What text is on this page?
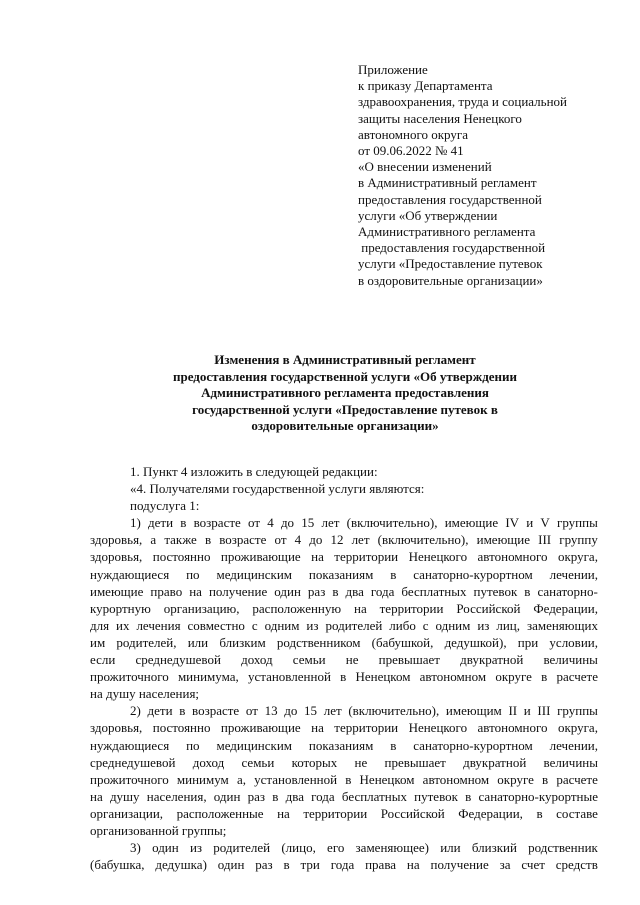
Приложение
к приказу Департамента
здравоохранения, труда и социальной
защиты населения Ненецкого
автономного округа
от 09.06.2022 № 41
«О внесении изменений
в Административный регламент
предоставления государственной
услуги «Об утверждении
Административного регламента
предоставления государственной
услуги «Предоставление путевок
в оздоровительные организации»
Изменения в Административный регламент
предоставления государственной услуги «Об утверждении
Административного регламента предоставления
государственной услуги «Предоставление путевок в
оздоровительные организации»
1. Пункт 4 изложить в следующей редакции:
«4. Получателями государственной услуги являются:
подуслуга 1:
1) дети в возрасте от 4 до 15 лет (включительно), имеющие IV и V группы
здоровья, а также в возрасте от 4 до 12 лет (включительно), имеющие III группу
здоровья, постоянно проживающие на территории Ненецкого автономного округа,
нуждающиеся по медицинским показаниям в санаторно-курортном лечении,
имеющие право на получение один раз в два года бесплатных путевок в санаторно-
курортную организацию, расположенную на территории Российской Федерации,
для их лечения совместно с одним из родителей либо с одним из лиц, заменяющих
им родителей, или близким родственником (бабушкой, дедушкой), при условии,
если среднедушевой доход семьи не превышает двукратной величины
прожиточного минимума, установленной в Ненецком автономном округе в расчете
на душу населения;
2) дети в возрасте от 13 до 15 лет (включительно), имеющим II и III группы
здоровья, постоянно проживающие на территории Ненецкого автономного округа,
нуждающиеся по медицинским показаниям в санаторно-курортном лечении,
среднедушевой доход семьи которых не превышает двукратной величины
прожиточного минимум а, установленной в Ненецком автономном округе в расчете
на душу населения, один раз в два года бесплатных путевок в санаторно-курортные
организации, расположенные на территории Российской Федерации, в составе
организованной группы;
3) один из родителей (лицо, его заменяющее) или близкий родственник
(бабушка, дедушка) один раз в три года права на получение за счет средств
